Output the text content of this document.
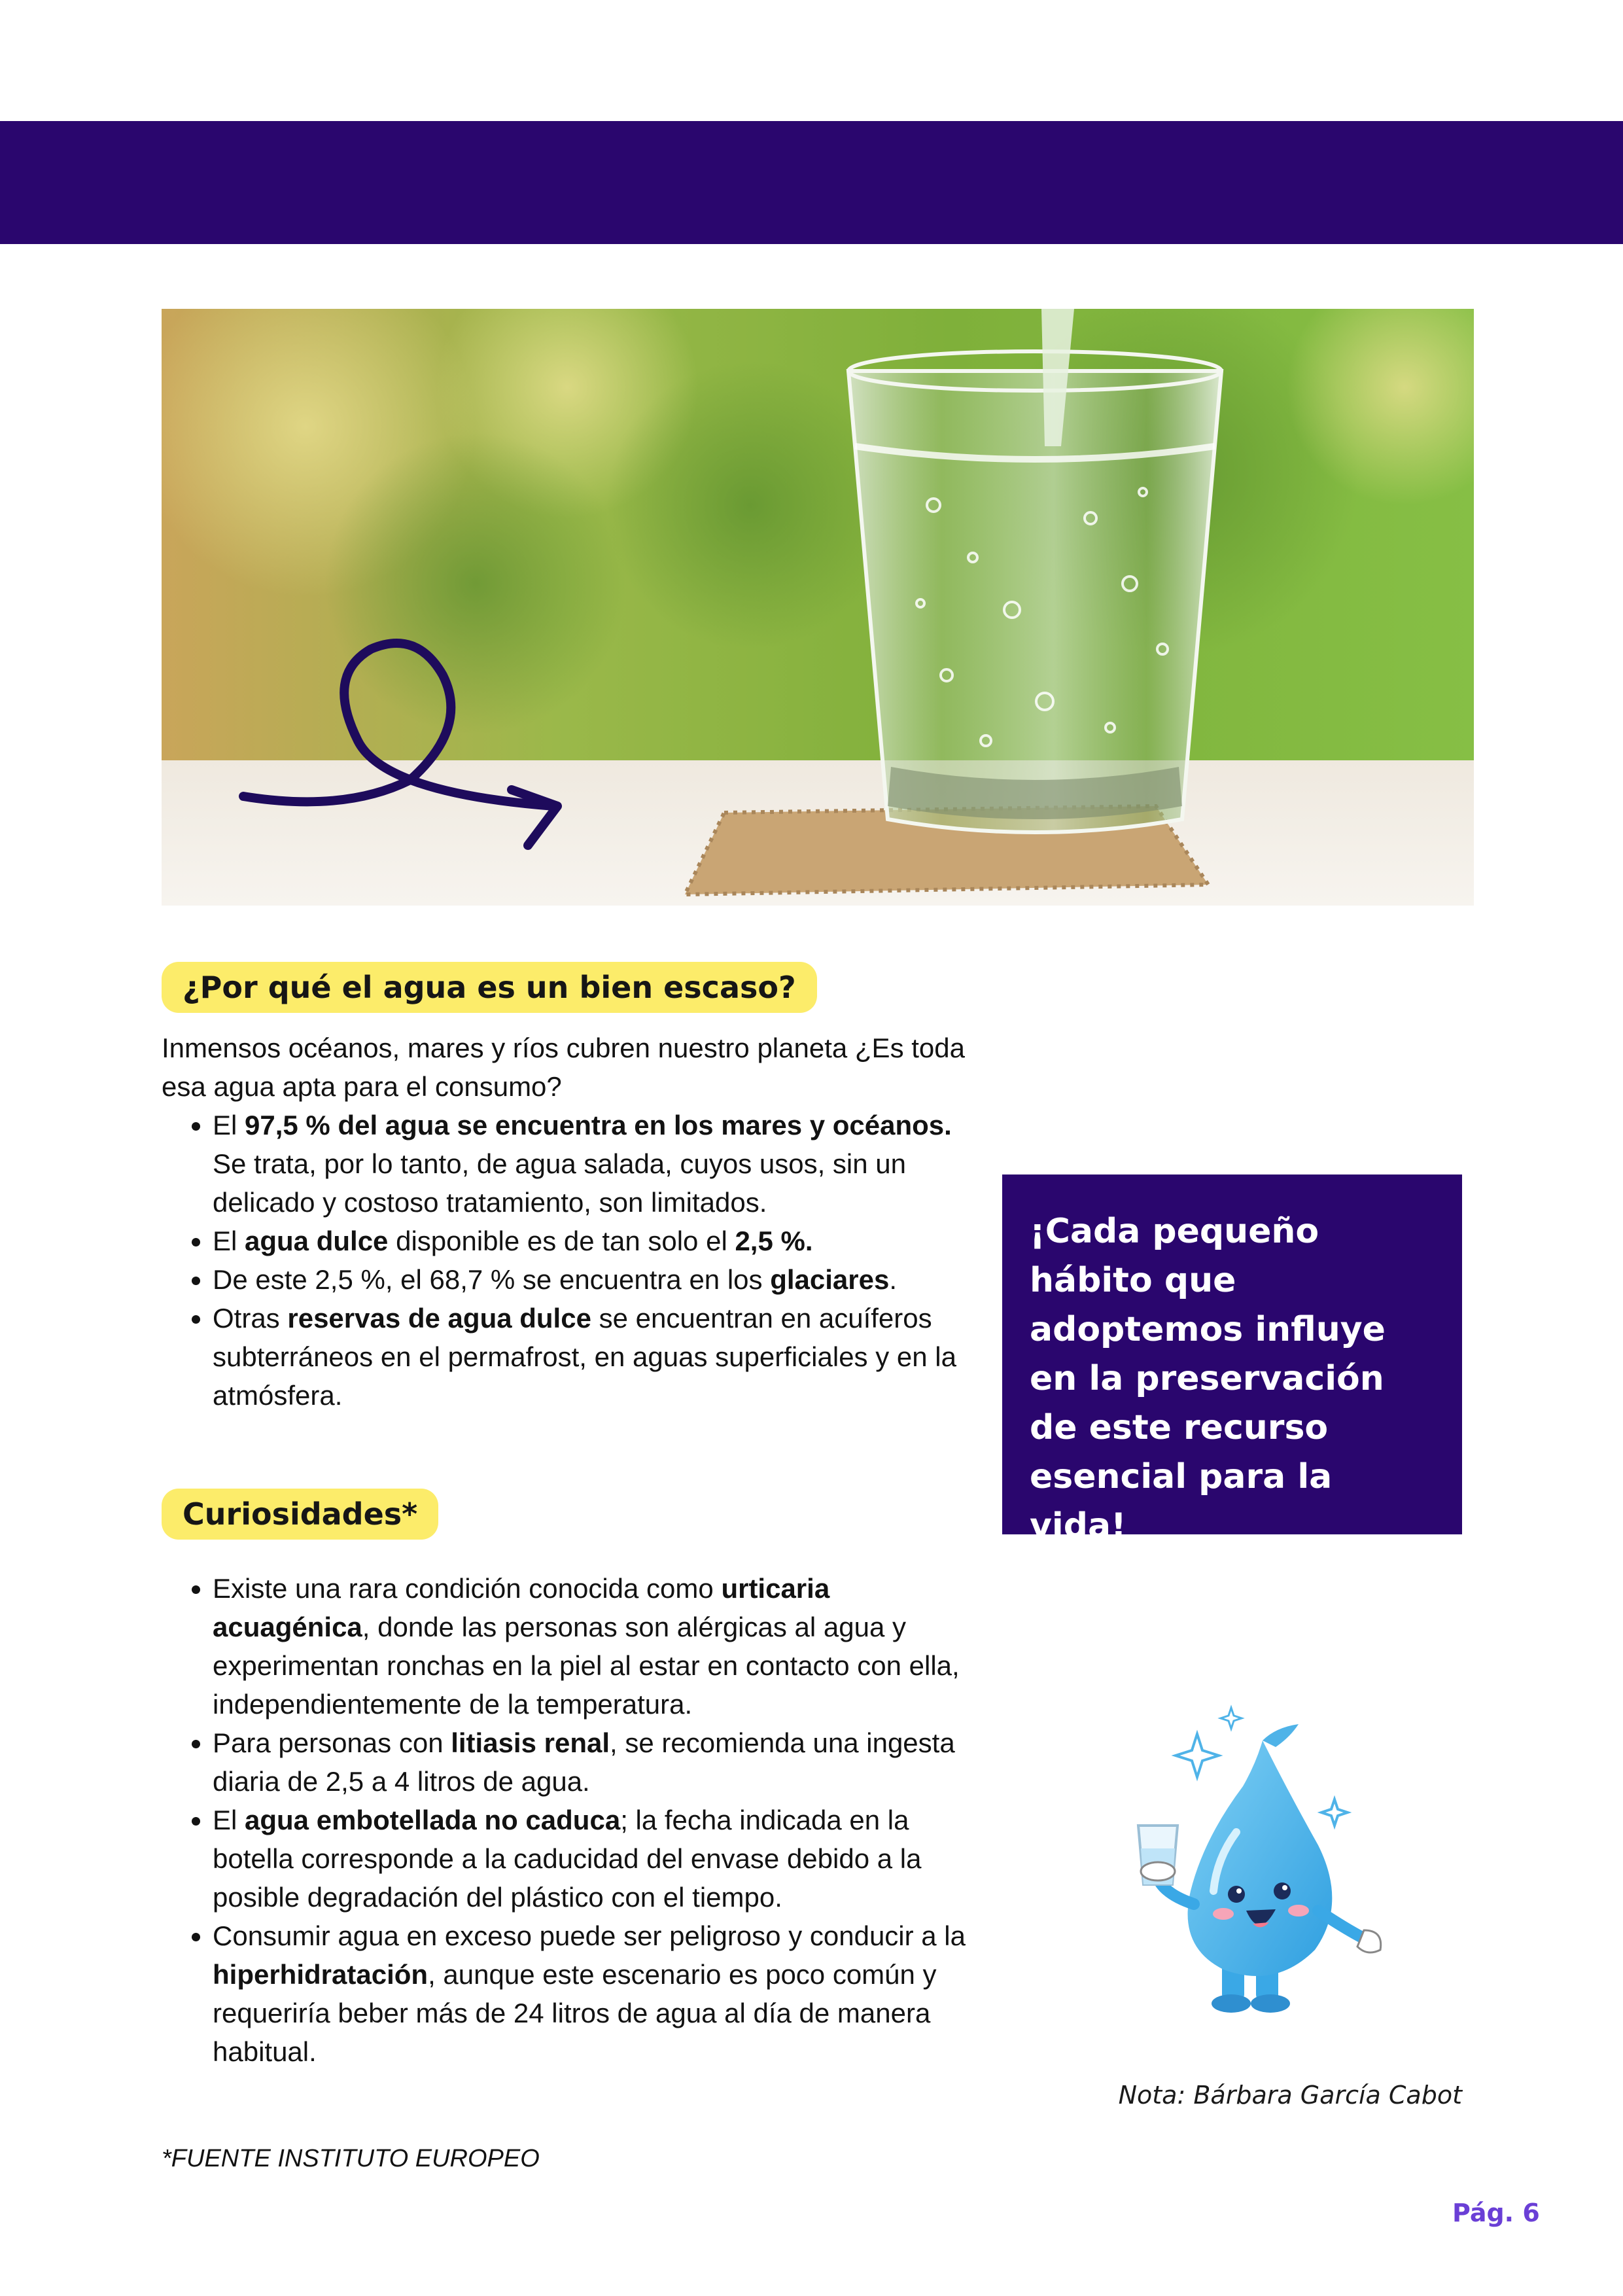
¿Por qué el agua es un bien escaso?
Inmensos océanos, mares y ríos cubren nuestro planeta ¿Es toda esa agua apta para el consumo?
• El 97,5 % del agua se encuentra en los mares y océanos. Se trata, por lo tanto, de agua salada, cuyos usos, sin un delicado y costoso tratamiento, son limitados.
• El agua dulce disponible es de tan solo el 2,5 %.
• De este 2,5 %, el 68,7 % se encuentra en los glaciares.
• Otras reservas de agua dulce se encuentran en acuíferos subterráneos en el permafrost, en aguas superficiales y en la atmósfera.
¡Cada pequeño hábito que adoptemos influye en la preservación de este recurso esencial para la vida!
Curiosidades*
• Existe una rara condición conocida como urticaria acuagénica, donde las personas son alérgicas al agua y experimentan ronchas en la piel al estar en contacto con ella, independientemente de la temperatura.
• Para personas con litiasis renal, se recomienda una ingesta diaria de 2,5 a 4 litros de agua.
• El agua embotellada no caduca; la fecha indicada en la botella corresponde a la caducidad del envase debido a la posible degradación del plástico con el tiempo.
• Consumir agua en exceso puede ser peligroso y conducir a la hiperhidratación, aunque este escenario es poco común y requeriría beber más de 24 litros de agua al día de manera habitual.
Nota: Bárbara García Cabot
*FUENTE INSTITUTO EUROPEO
Pág. 6
